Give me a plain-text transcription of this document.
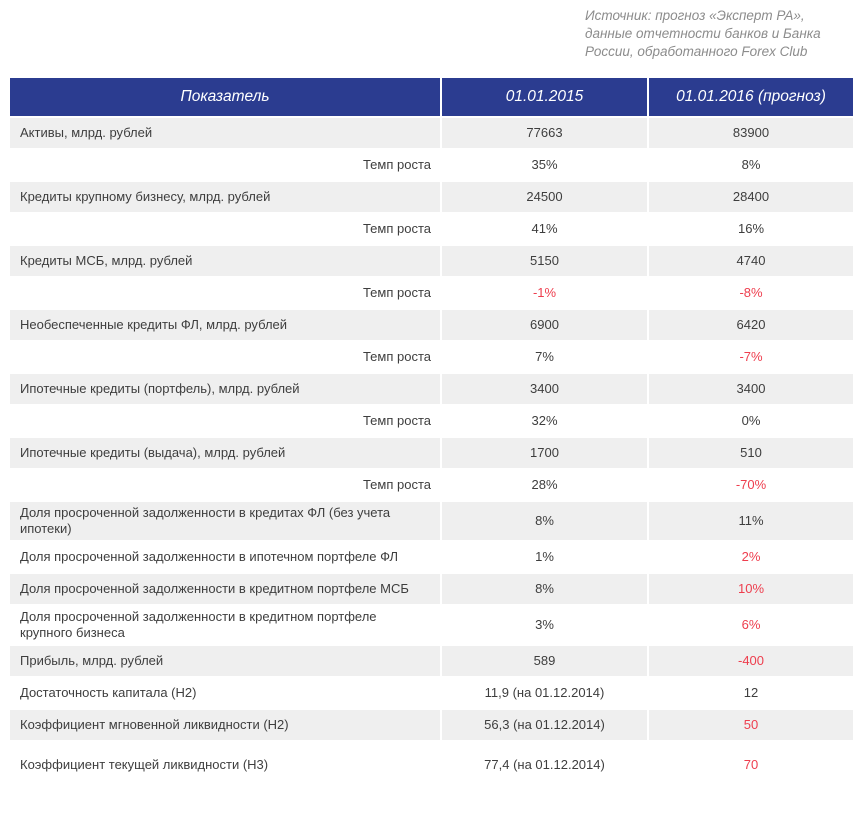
Источник: прогноз «Эксперт РА»,
данные отчетности банков и Банка
России, обработанного Forex Club
Показатель	01.01.2015	01.01.2016 (прогноз)
Активы, млрд. рублей	77663	83900
Темп роста	35%	8%
Кредиты крупному бизнесу, млрд. рублей	24500	28400
Темп роста	41%	16%
Кредиты МСБ, млрд. рублей	5150	4740
Темп роста	-1%	-8%
Необеспеченные кредиты ФЛ, млрд. рублей	6900	6420
Темп роста	7%	-7%
Ипотечные кредиты (портфель), млрд. рублей	3400	3400
Темп роста	32%	0%
Ипотечные кредиты (выдача), млрд. рублей	1700	510
Темп роста	28%	-70%
Доля просроченной задолженности в кредитах ФЛ (без учета ипотеки)	8%	11%
Доля просроченной задолженности в ипотечном портфеле ФЛ	1%	2%
Доля просроченной задолженности в кредитном портфеле МСБ	8%	10%
Доля просроченной задолженности в кредитном портфеле крупного бизнеса	3%	6%
Прибыль, млрд. рублей	589	-400
Достаточность капитала (Н2)	11,9 (на 01.12.2014)	12
Коэффициент мгновенной ликвидности (Н2)	56,3 (на 01.12.2014)	50
Коэффициент текущей ликвидности (Н3)	77,4 (на 01.12.2014)	70
